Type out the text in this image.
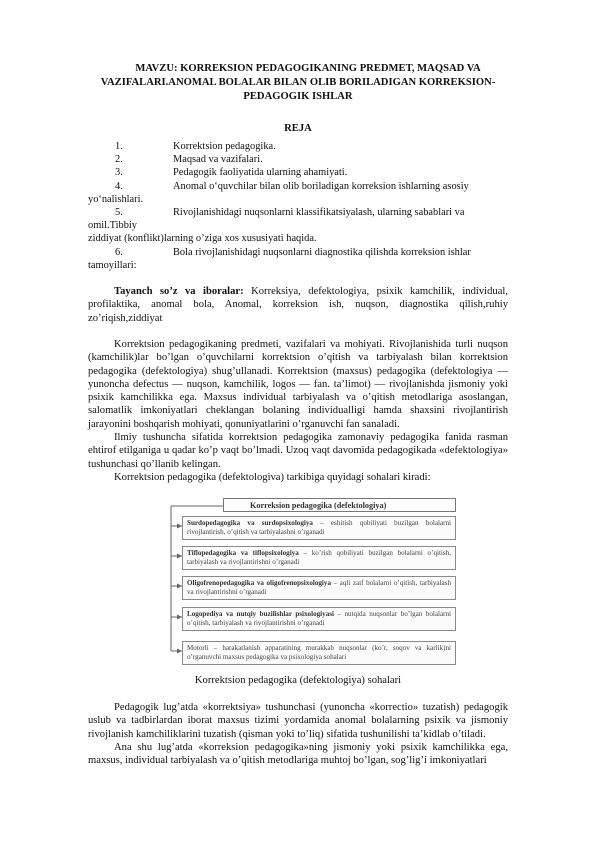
MAVZU: KORREKSION PEDAGOGIKANING PREDMET, MAQSAD VA
VAZIFALARI.ANOMAL BOLALAR BILAN OLIB BORILADIGAN KORREKSION-
PEDAGOGIK ISHLAR
REJA
1.	Korrektsion pedagogika.
2.	Maqsad va vazifalari.
3.	Pedagogik faoliyatida ularning ahamiyati.
4.	Anomal o‘quvchilar bilan olib boriladigan korreksion ishlarning asosiy
yo‘nalishlari.
5.	Rivojlanishidagi nuqsonlarni klassifikatsiyalash, ularning sabablari va omil.Tibbiy
ziddiyat (konflikt)larning o’ziga xos xususiyati haqida.
6.	Bola rivojlanishidagi nuqsonlarni diagnostika qilishda korreksion ishlar
tamoyillari:

Tayanch so’z va iboralar: Korreksiya, defektologiya, psixik kamchilik, individual, profilaktika, anomal bola, Anomal, korreksion ish, nuqson, diagnostika qilish,ruhiy zo’riqish,ziddiyat

Korrektsion pedagogikaning predmeti, vazifalari va mohiyati. Rivojlanishida turli nuqson (kamchilik)lar bo’lgan o’quvchilarni korrektsion o’qitish va tarbiyalash bilan korrektsion pedagogika (defektologiya) shug’ullanadi. Korrektsion (maxsus) pedagogika (defektologiya — yunoncha defectus — nuqson, kamchilik, logos — fan. ta’limot) — rivojlanishda jismoniy yoki psixik kamchilikka ega. Maxsus individual tarbiyalash va o’qitish metodlariga asoslangan, salomatlik imkoniyatlari cheklangan bolaning individualligi hamda shaxsini rivojlantirish jarayonini boshqarish mohiyati, qonuniyatlarini o’rganuvchi fan sanaladi.

Ilmiy tushuncha sifatida korrektsion pedagogika zamonaviy pedagogika fanida rasman ehtirof etilganiga u qadar ko’p vaqt bo’lmadi. Uzoq vaqt davomida pedagogikada «defektologiya» tushunchasi qo’llanib kelingan.

Korrektsion pedagogika (defektologiva) tarkibiga quyidagi sohalari kiradi:

Korreksion pedagogika (defektologiya)
Surdopedagogika va surdopsixologiya – eshitish qobiliyati buzilgan bolalarni rivojlantirish, o’qitish va tarbiyalashni o’rganadi
Tiflopedagogika va tiflopsixologiya – ko’rish qobiliyati buzilgan bolalarni o’qitish, tarbiyalash va rivojlantirishni o’rganadi
Oligofrenopedagogika va oligofrenopsixologiya – aqli zaif bolalarni o’qitish, tarbiyalash va rivojlantirishni o’rganadi
Logopediya va nutqiy buzilishlar psixologiyasi – nutqida nuqsonlar bo’lgan bolalarni o’qitish, tarbiyalash va rivojlantirishni o’rganadi
Motorli – harakatlanish apparatining murakkab nuqsonlar (ko’r, soqov va karlik)ni o’rganuvchi maxsus pedagogika va psixologiya sohalari
Korrektsion pedagogika (defektologiya) sohalari

Pedagogik lug’atda «korrektsiya» tushunchasi (yunoncha «korrectio» tuzatish) pedagogik uslub va tadbirlardan iborat maxsus tizimi yordamida anomal bolalarning psixik va jismoniy rivojlanish kamchiliklarini tuzatish (qisman yoki to’liq) sifatida tushunilishi ta’kidlab o’tiladi.

Ana shu lug’atda «korreksion pedagogika»ning jismoniy yoki psixik kamchilikka ega, maxsus, individual tarbiyalash va o’qitish metodlariga muhtoj bo’lgan, sog’lig’i imkoniyatlari
